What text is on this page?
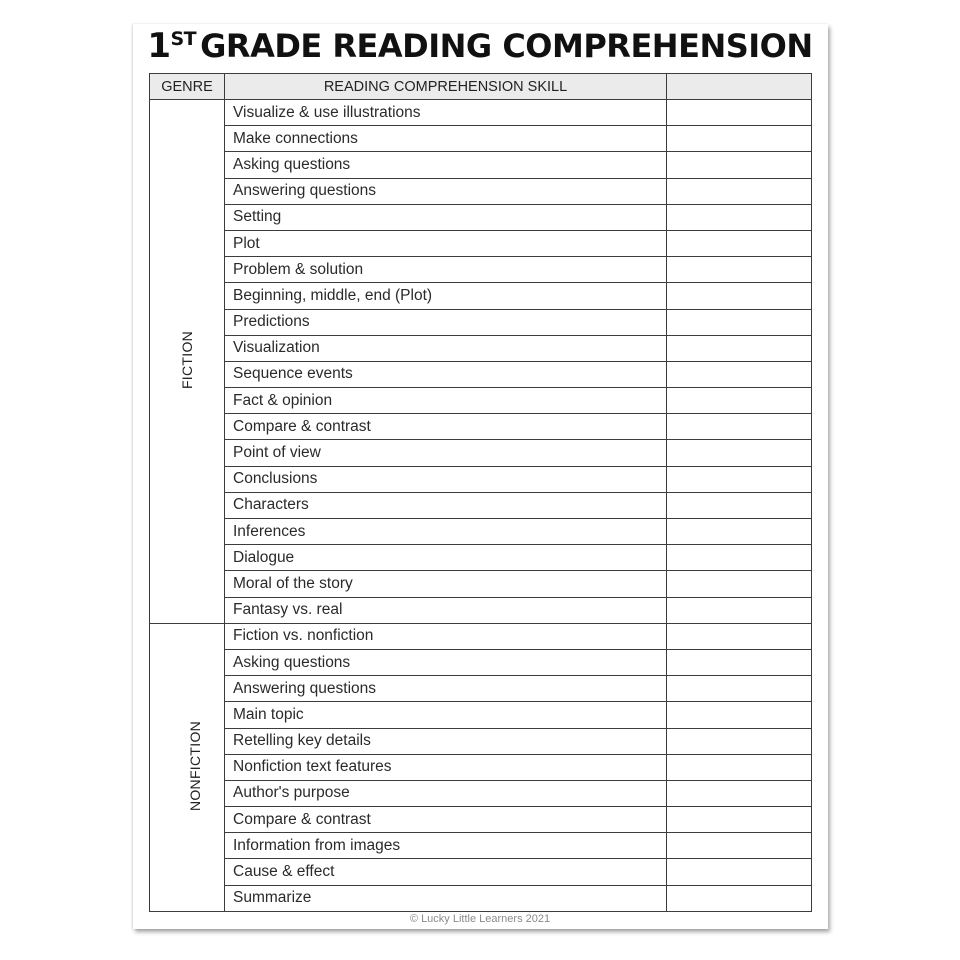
1ST GRADE READING COMPREHENSION
GENRE	READING COMPREHENSION SKILL	
FICTION	Visualize & use illustrations	
	Make connections	
	Asking questions	
	Answering questions	
	Setting	
	Plot	
	Problem & solution	
	Beginning, middle, end (Plot)	
	Predictions	
	Visualization	
	Sequence events	
	Fact & opinion	
	Compare & contrast	
	Point of view	
	Conclusions	
	Characters	
	Inferences	
	Dialogue	
	Moral of the story	
	Fantasy vs. real	
NONFICTION	Fiction vs. nonfiction	
	Asking questions	
	Answering questions	
	Main topic	
	Retelling key details	
	Nonfiction text features	
	Author's purpose	
	Compare & contrast	
	Information from images	
	Cause & effect	
	Summarize	
© Lucky Little Learners 2021
